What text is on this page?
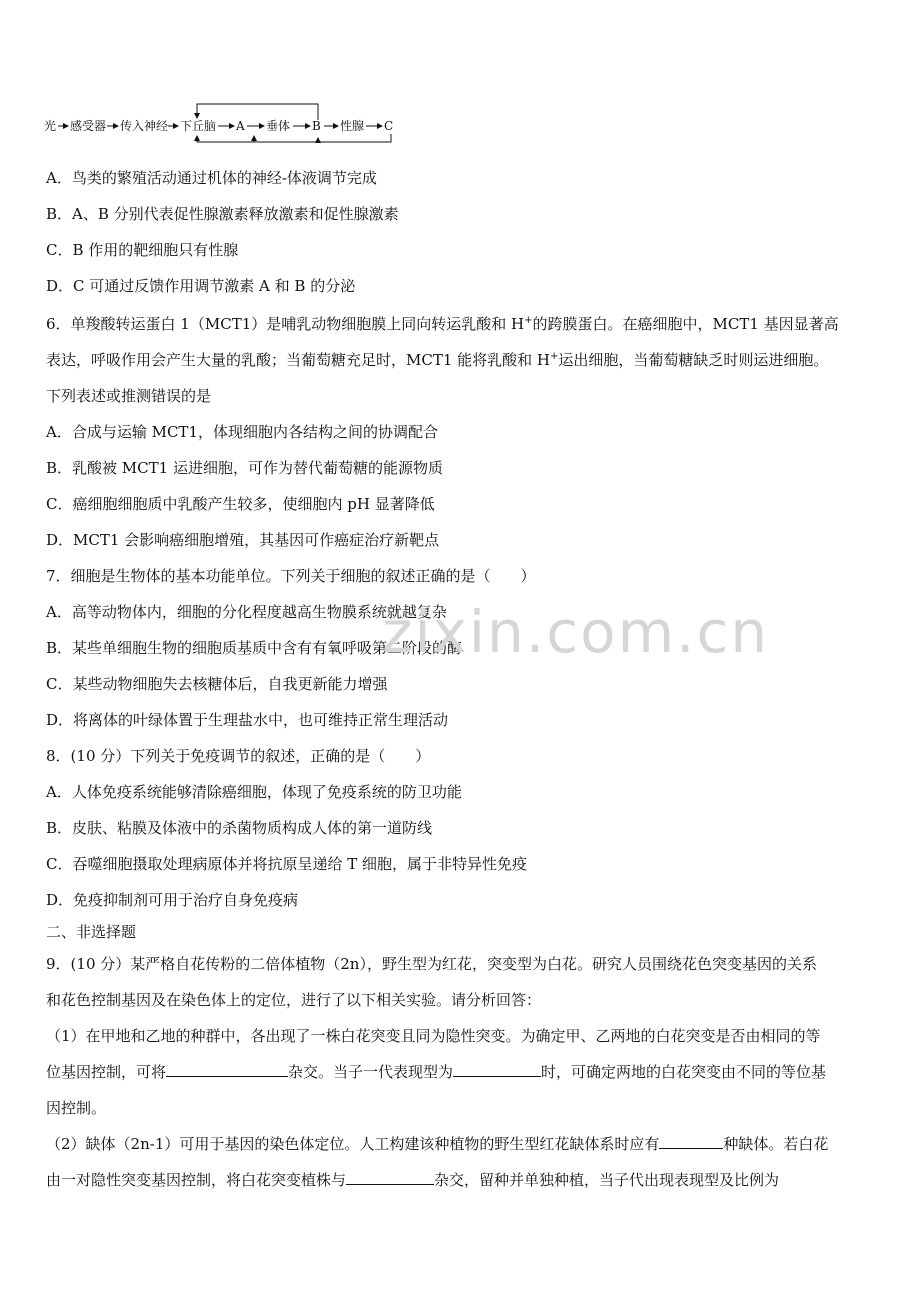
光 感受器 传入神经 下丘脑 A 垂体 B 性腺 C
A．鸟类的繁殖活动通过机体的神经-体液调节完成
B．A、B 分别代表促性腺激素释放激素和促性腺激素
C．B 作用的靶细胞只有性腺
D．C 可通过反馈作用调节激素 A 和 B 的分泌
6．单羧酸转运蛋白 1（MCT1）是哺乳动物细胞膜上同向转运乳酸和 H+的跨膜蛋白。在癌细胞中，MCT1 基因显著高
表达，呼吸作用会产生大量的乳酸；当葡萄糖充足时，MCT1 能将乳酸和 H+运出细胞，当葡萄糖缺乏时则运进细胞。
下列表述或推测错误的是
A．合成与运输 MCT1，体现细胞内各结构之间的协调配合
B．乳酸被 MCT1 运进细胞，可作为替代葡萄糖的能源物质
C．癌细胞细胞质中乳酸产生较多，使细胞内 pH 显著降低
D．MCT1 会影响癌细胞增殖，其基因可作癌症治疗新靶点
7．细胞是生物体的基本功能单位。下列关于细胞的叙述正确的是（　　）
A．高等动物体内，细胞的分化程度越高生物膜系统就越复杂
B．某些单细胞生物的细胞质基质中含有有氧呼吸第二阶段的酶
C．某些动物细胞失去核糖体后，自我更新能力增强
D．将离体的叶绿体置于生理盐水中，也可维持正常生理活动
8．(10 分）下列关于免疫调节的叙述，正确的是（　　）
A．人体免疫系统能够清除癌细胞，体现了免疫系统的防卫功能
B．皮肤、粘膜及体液中的杀菌物质构成人体的第一道防线
C．吞噬细胞摄取处理病原体并将抗原呈递给 T 细胞，属于非特异性免疫
D．免疫抑制剂可用于治疗自身免疫病
二、非选择题
9．(10 分）某严格自花传粉的二倍体植物（2n），野生型为红花，突变型为白花。研究人员围绕花色突变基因的关系
和花色控制基因及在染色体上的定位，进行了以下相关实验。请分析回答：
（1）在甲地和乙地的种群中，各出现了一株白花突变且同为隐性突变。为确定甲、乙两地的白花突变是否由相同的等
位基因控制，可将	杂交。当子一代表现型为	时，可确定两地的白花突变由不同的等位基
因控制。
（2）缺体（2n-1）可用于基因的染色体定位。人工构建该种植物的野生型红花缺体系时应有	种缺体。若白花
由一对隐性突变基因控制，将白花突变植株与	杂交，留种并单独种植，当子代出现表现型及比例为
zixin.com.cn
